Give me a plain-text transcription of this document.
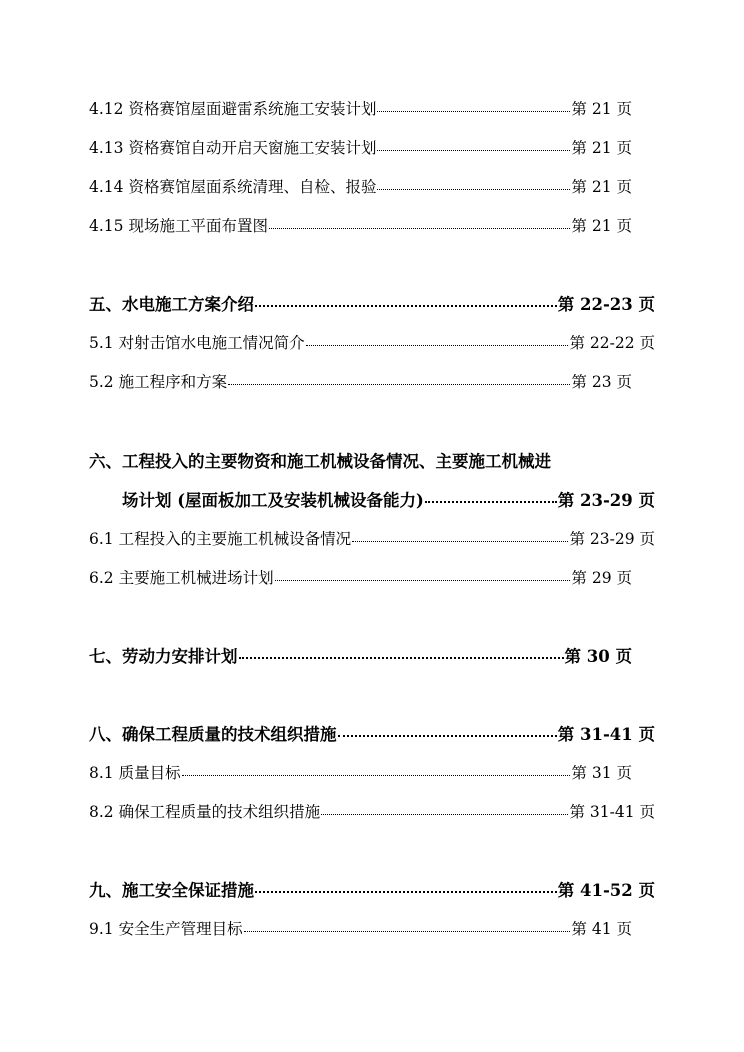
4.12 资格赛馆屋面避雷系统施工安装计划	第 21 页
4.13 资格赛馆自动开启天窗施工安装计划	第 21 页
4.14 资格赛馆屋面系统清理、自检、报验	第 21 页
4.15 现场施工平面布置图	第 21 页
五、水电施工方案介绍	第 22-23 页
5.1 对射击馆水电施工情况简介	第 22-22 页
5.2 施工程序和方案	第 23 页
六、工程投入的主要物资和施工机械设备情况、主要施工机械进
场计划 (屋面板加工及安装机械设备能力)	第 23-29 页
6.1 工程投入的主要施工机械设备情况	第 23-29 页
6.2 主要施工机械进场计划	第 29 页
七、劳动力安排计划	第 30 页
八、确保工程质量的技术组织措施	第 31-41 页
8.1 质量目标	第 31 页
8.2 确保工程质量的技术组织措施	第 31-41 页
九、施工安全保证措施	第 41-52 页
9.1 安全生产管理目标	第 41 页
